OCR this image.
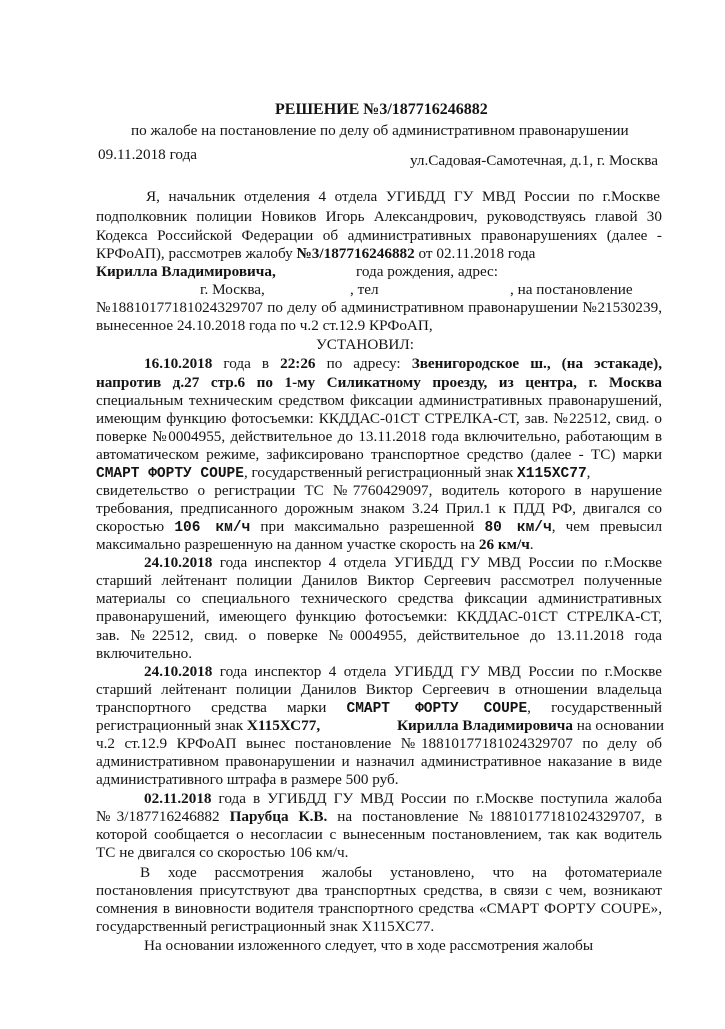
РЕШЕНИЕ №3/187716246882
по жалобе на постановление по делу об административном правонарушении
09.11.2018 года	ул.Садовая-Самотечная, д.1, г. Москва
Я, начальник отделения 4 отдела УГИБДД ГУ МВД России по г.Москве
подполковник полиции Новиков Игорь Александрович, руководствуясь главой 30
Кодекса Российской Федерации об административных правонарушениях (далее -
КРФоАП), рассмотрев жалобу №3/187716246882 от 02.11.2018 года
Кирилла Владимировича,	года рождения, адрес:
г. Москва,	, тел	, на постановление
№18810177181024329707 по делу об административном правонарушении №21530239,
вынесенное 24.10.2018 года по ч.2 ст.12.9 КРФоАП,
УСТАНОВИЛ:
16.10.2018 года в 22:26 по адресу: Звенигородское ш., (на эстакаде),
напротив д.27 стр.6 по 1-му Силикатному проезду, из центра, г. Москва
специальным техническим средством фиксации административных правонарушений,
имеющим функцию фотосъемки: ККДДАС-01СТ СТРЕЛКА-СТ, зав. №22512, свид. о
поверке №0004955, действительное до 13.11.2018 года включительно, работающим в
автоматическом режиме, зафиксировано транспортное средство (далее - ТС) марки
СМАРТ ФОРТУ COUPE, государственный регистрационный знак Х115ХС77,
свидетельство о регистрации ТС №7760429097, водитель которого в нарушение
требования, предписанного дорожным знаком 3.24 Прил.1 к ПДД РФ, двигался со
скоростью 106 км/ч при максимально разрешенной 80 км/ч, чем превысил
максимально разрешенную на данном участке скорость на 26 км/ч.
24.10.2018 года инспектор 4 отдела УГИБДД ГУ МВД России по г.Москве
старший лейтенант полиции Данилов Виктор Сергеевич рассмотрел полученные
материалы со специального технического средства фиксации административных
правонарушений, имеющего функцию фотосъемки: ККДДАС-01СТ СТРЕЛКА-СТ,
зав. №22512, свид. о поверке №0004955, действительное до 13.11.2018 года
включительно.
24.10.2018 года инспектор 4 отдела УГИБДД ГУ МВД России по г.Москве
старший лейтенант полиции Данилов Виктор Сергеевич в отношении владельца
транспортного средства марки СМАРТ ФОРТУ COUPE, государственный
регистрационный знак Х115ХС77,	Кирилла Владимировича на основании
ч.2 ст.12.9 КРФоАП вынес постановление №18810177181024329707 по делу об
административном правонарушении и назначил административное наказание в виде
административного штрафа в размере 500 руб.
02.11.2018 года в УГИБДД ГУ МВД России по г.Москве поступила жалоба
№3/187716246882 Парубца К.В. на постановление №18810177181024329707, в
которой сообщается о несогласии с вынесенным постановлением, так как водитель
ТС не двигался со скоростью 106 км/ч.
В ходе рассмотрения жалобы установлено, что на фотоматериале
постановления присутствуют два транспортных средства, в связи с чем, возникают
сомнения в виновности водителя транспортного средства «СМАРТ ФОРТУ COUPE»,
государственный регистрационный знак Х115ХС77.
На основании изложенного следует, что в ходе рассмотрения жалобы
